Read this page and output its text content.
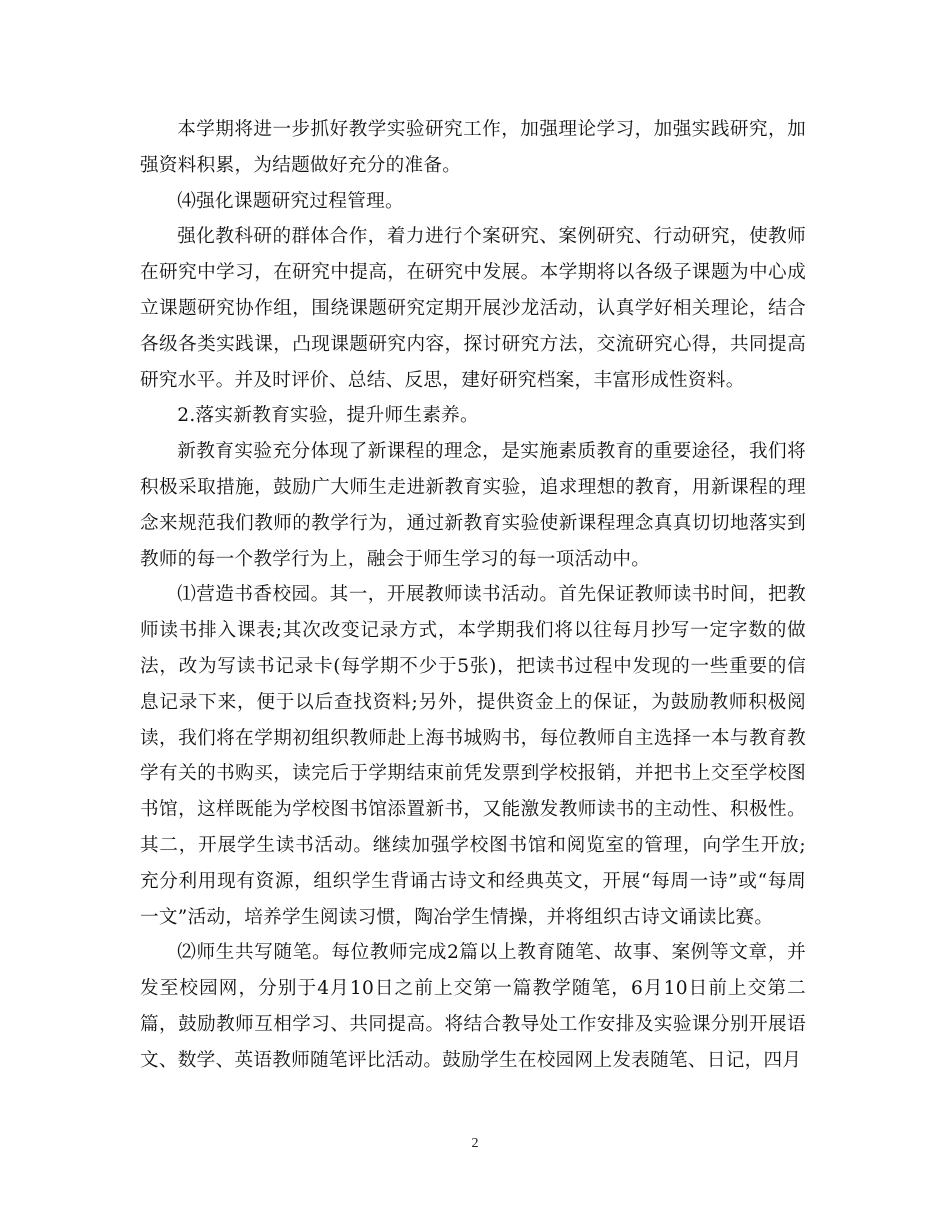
本学期将进一步抓好教学实验研究工作，加强理论学习，加强实践研究，加强资料积累，为结题做好充分的准备。

⑷强化课题研究过程管理。

强化教科研的群体合作，着力进行个案研究、案例研究、行动研究，使教师在研究中学习，在研究中提高，在研究中发展。本学期将以各级子课题为中心成立课题研究协作组，围绕课题研究定期开展沙龙活动，认真学好相关理论，结合各级各类实践课，凸现课题研究内容，探讨研究方法，交流研究心得，共同提高研究水平。并及时评价、总结、反思，建好研究档案，丰富形成性资料。

2.落实新教育实验，提升师生素养。

新教育实验充分体现了新课程的理念，是实施素质教育的重要途径，我们将积极采取措施，鼓励广大师生走进新教育实验，追求理想的教育，用新课程的理念来规范我们教师的教学行为，通过新教育实验使新课程理念真真切切地落实到教师的每一个教学行为上，融会于师生学习的每一项活动中。

⑴营造书香校园。其一，开展教师读书活动。首先保证教师读书时间，把教师读书排入课表;其次改变记录方式，本学期我们将以往每月抄写一定字数的做法，改为写读书记录卡(每学期不少于5张)，把读书过程中发现的一些重要的信息记录下来，便于以后查找资料;另外，提供资金上的保证，为鼓励教师积极阅读，我们将在学期初组织教师赴上海书城购书，每位教师自主选择一本与教育教学有关的书购买，读完后于学期结束前凭发票到学校报销，并把书上交至学校图书馆，这样既能为学校图书馆添置新书，又能激发教师读书的主动性、积极性。其二，开展学生读书活动。继续加强学校图书馆和阅览室的管理，向学生开放;充分利用现有资源，组织学生背诵古诗文和经典英文，开展“每周一诗”或“每周一文”活动，培养学生阅读习惯，陶冶学生情操，并将组织古诗文诵读比赛。

⑵师生共写随笔。每位教师完成2篇以上教育随笔、故事、案例等文章，并发至校园网，分别于4月10日之前上交第一篇教学随笔，6月10日前上交第二篇，鼓励教师互相学习、共同提高。将结合教导处工作安排及实验课分别开展语文、数学、英语教师随笔评比活动。鼓励学生在校园网上发表随笔、日记，四月

2
